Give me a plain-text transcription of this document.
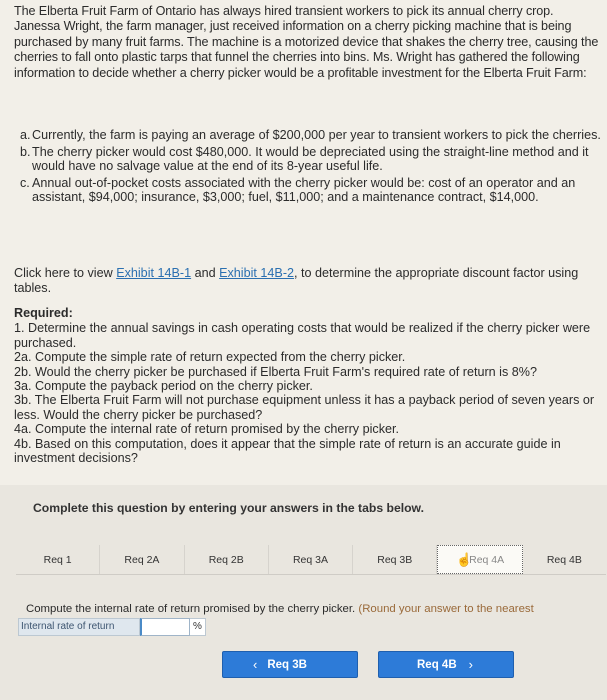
The Elberta Fruit Farm of Ontario has always hired transient workers to pick its annual cherry crop. Janessa Wright, the farm manager, just received information on a cherry picking machine that is being purchased by many fruit farms. The machine is a motorized device that shakes the cherry tree, causing the cherries to fall onto plastic tarps that funnel the cherries into bins. Ms. Wright has gathered the following information to decide whether a cherry picker would be a profitable investment for the Elberta Fruit Farm:
a. Currently, the farm is paying an average of $200,000 per year to transient workers to pick the cherries.
b. The cherry picker would cost $480,000. It would be depreciated using the straight-line method and it would have no salvage value at the end of its 8-year useful life.
c. Annual out-of-pocket costs associated with the cherry picker would be: cost of an operator and an assistant, $94,000; insurance, $3,000; fuel, $11,000; and a maintenance contract, $14,000.
Click here to view Exhibit 14B-1 and Exhibit 14B-2, to determine the appropriate discount factor using tables.
Required:
1. Determine the annual savings in cash operating costs that would be realized if the cherry picker were purchased.
2a. Compute the simple rate of return expected from the cherry picker.
2b. Would the cherry picker be purchased if Elberta Fruit Farm's required rate of return is 8%?
3a. Compute the payback period on the cherry picker.
3b. The Elberta Fruit Farm will not purchase equipment unless it has a payback period of seven years or less. Would the cherry picker be purchased?
4a. Compute the internal rate of return promised by the cherry picker.
4b. Based on this computation, does it appear that the simple rate of return is an accurate guide in investment decisions?
Complete this question by entering your answers in the tabs below.
Req 1	Req 2A	Req 2B	Req 3A	Req 3B	☝
Req 4A	Req 4B
Compute the internal rate of return promised by the cherry picker. (Round your answer to the nearest
Internal rate of return	%
‹ Req 3B	Req 4B ›
